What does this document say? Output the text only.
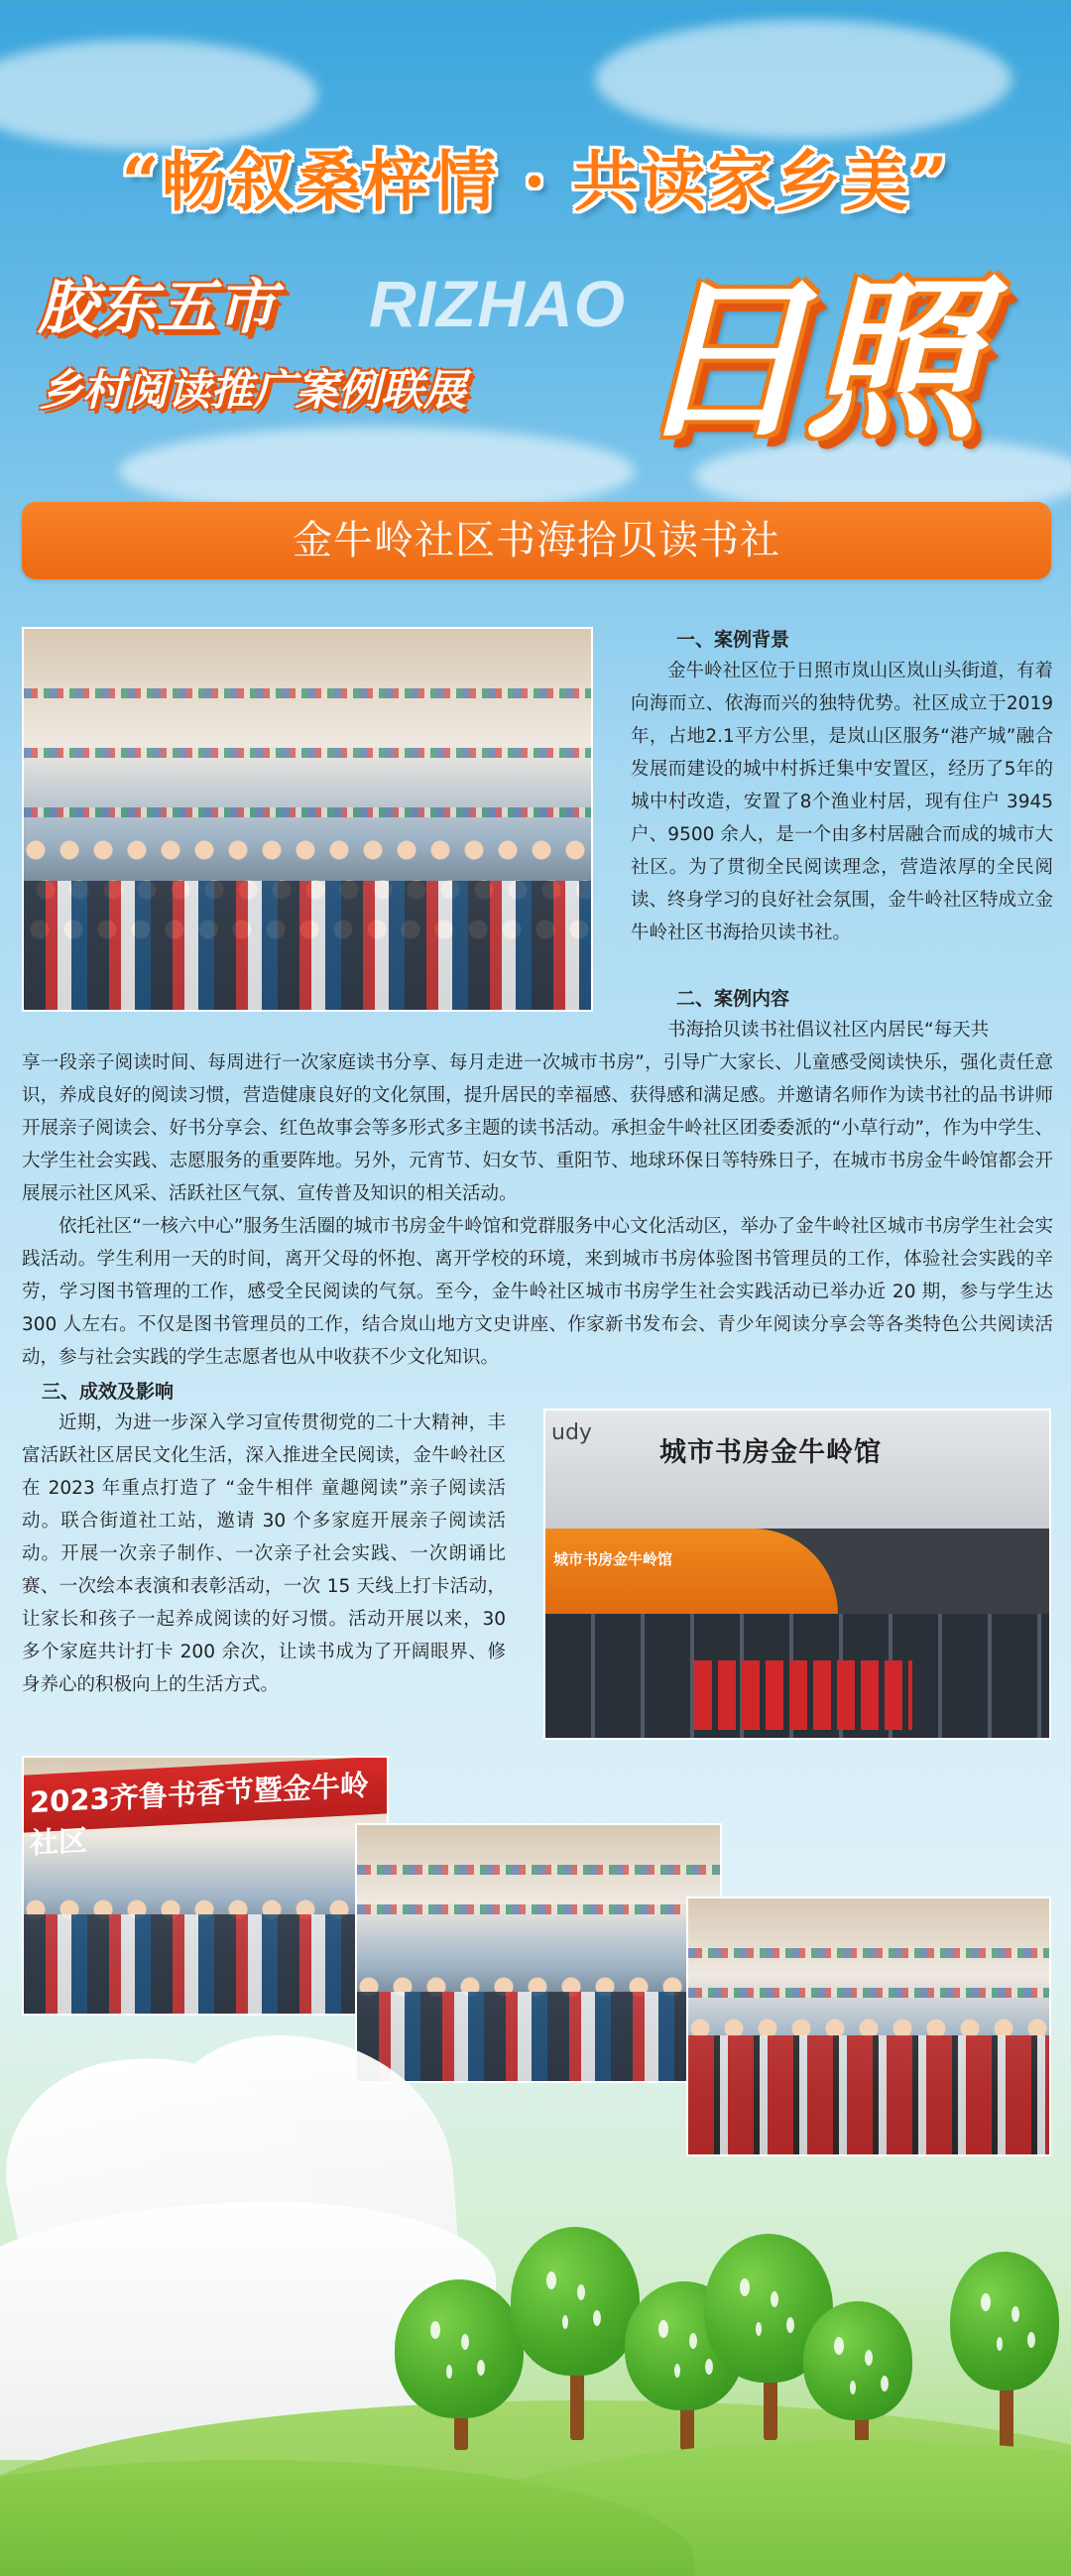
“畅叙桑梓情 · 共读家乡美”
胶东五市 RIZHAO
乡村阅读推广案例联展 日照
金牛岭社区书海拾贝读书社
一、案例背景

金牛岭社区位于日照市岚山区岚山头街道，有着向海而立、依海而兴的独特优势。社区成立于2019年，占地2.1平方公里，是岚山区服务“港产城”融合发展而建设的城中村拆迁集中安置区，经历了5年的城中村改造，安置了8个渔业村居，现有住户 3945 户、9500 余人，是一个由多村居融合而成的城市大社区。为了贯彻全民阅读理念，营造浓厚的全民阅读、终身学习的良好社会氛围，金牛岭社区特成立金牛岭社区书海拾贝读书社。

二、案例内容

书海拾贝读书社倡议社区内居民“每天共

享一段亲子阅读时间、每周进行一次家庭读书分享、每月走进一次城市书房”，引导广大家长、儿童感受阅读快乐，强化责任意识，养成良好的阅读习惯，营造健康良好的文化氛围，提升居民的幸福感、获得感和满足感。并邀请名师作为读书社的品书讲师开展亲子阅读会、好书分享会、红色故事会等多形式多主题的读书活动。承担金牛岭社区团委委派的“小草行动”，作为中学生、大学生社会实践、志愿服务的重要阵地。另外，元宵节、妇女节、重阳节、地球环保日等特殊日子，在城市书房金牛岭馆都会开展展示社区风采、活跃社区气氛、宣传普及知识的相关活动。

依托社区“一核六中心”服务生活圈的城市书房金牛岭馆和党群服务中心文化活动区，举办了金牛岭社区城市书房学生社会实践活动。学生利用一天的时间，离开父母的怀抱、离开学校的环境，来到城市书房体验图书管理员的工作，体验社会实践的辛劳，学习图书管理的工作，感受全民阅读的气氛。至今，金牛岭社区城市书房学生社会实践活动已举办近 20 期，参与学生达 300 人左右。不仅是图书管理员的工作，结合岚山地方文史讲座、作家新书发布会、青少年阅读分享会等各类特色公共阅读活动，参与社会实践的学生志愿者也从中收获不少文化知识。

三、成效及影响

近期，为进一步深入学习宣传贯彻党的二十大精神，丰富活跃社区居民文化生活，深入推进全民阅读，金牛岭社区在 2023 年重点打造了 “金牛相伴 童趣阅读”亲子阅读活动。联合街道社工站，邀请 30 个多家庭开展亲子阅读活动。开展一次亲子制作、一次亲子社会实践、一次朗诵比赛、一次绘本表演和表彰活动，一次 15 天线上打卡活动，让家长和孩子一起养成阅读的好习惯。活动开展以来，30 多个家庭共计打卡 200 余次，让读书成为了开阔眼界、修身养心的积极向上的生活方式。

udy
城市书房金牛岭馆
城市书房金牛岭馆
2023齐鲁书香节暨金牛岭社区
